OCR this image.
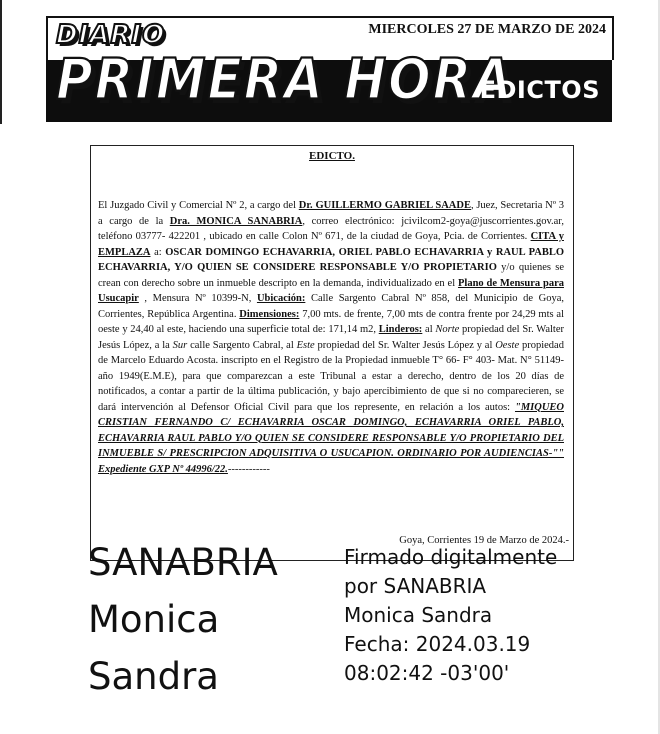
DIARIO
PRIMERA HORA
MIERCOLES 27 DE MARZO DE 2024
EDICTOS
EDICTO.
El Juzgado Civil y Comercial Nº 2, a cargo del Dr. GUILLERMO GABRIEL SAADE, Juez, Secretaria Nº 3 a cargo de la Dra. MONICA SANABRIA, correo electrónico: jcivilcom2-goya@juscorrientes.gov.ar, teléfono 03777- 422201 , ubicado en calle Colon Nº 671, de la ciudad de Goya, Pcia. de Corrientes. CITA y EMPLAZA a: OSCAR DOMINGO ECHAVARRIA, ORIEL PABLO ECHAVARRIA y RAUL PABLO ECHAVARRIA, Y/O QUIEN SE CONSIDERE RESPONSABLE Y/O PROPIETARIO y/o quienes se crean con derecho sobre un inmueble descripto en la demanda, individualizado en el Plano de Mensura para Usucapir , Mensura Nº 10399-N, Ubicación: Calle Sargento Cabral Nº 858, del Municipio de Goya, Corrientes, República Argentina. Dimensiones: 7,00 mts. de frente, 7,00 mts de contra frente por 24,29 mts al oeste y 24,40 al este, haciendo una superficie total de: 171,14 m2, Linderos: al Norte propiedad del Sr. Walter Jesús López, a la Sur calle Sargento Cabral, al Este propiedad del Sr. Walter Jesús López y al Oeste propiedad de Marcelo Eduardo Acosta. inscripto en el Registro de la Propiedad inmueble T° 66- F° 403- Mat. N° 51149- año 1949(E.M.E), para que comparezcan a este Tribunal a estar a derecho, dentro de los 20 días de notificados, a contar a partir de la última publicación, y bajo apercibimiento de que si no comparecieren, se dará intervención al Defensor Oficial Civil para que los represente, en relación a los autos: "MIQUEO CRISTIAN FERNANDO C/ ECHAVARRIA OSCAR DOMINGO, ECHAVARRIA ORIEL PABLO, ECHAVARRIA RAUL PABLO Y/O QUIEN SE CONSIDERE RESPONSABLE Y/O PROPIETARIO DEL INMUEBLE S/ PRESCRIPCION ADQUISITIVA O USUCAPION. ORDINARIO POR AUDIENCIAS-"" Expediente GXP Nº 44996/22.------------
Goya, Corrientes 19 de Marzo de 2024.-
SANABRIA
Monica
Sandra
Firmado digitalmente
por SANABRIA
Monica Sandra
Fecha: 2024.03.19
08:02:42 -03'00'
